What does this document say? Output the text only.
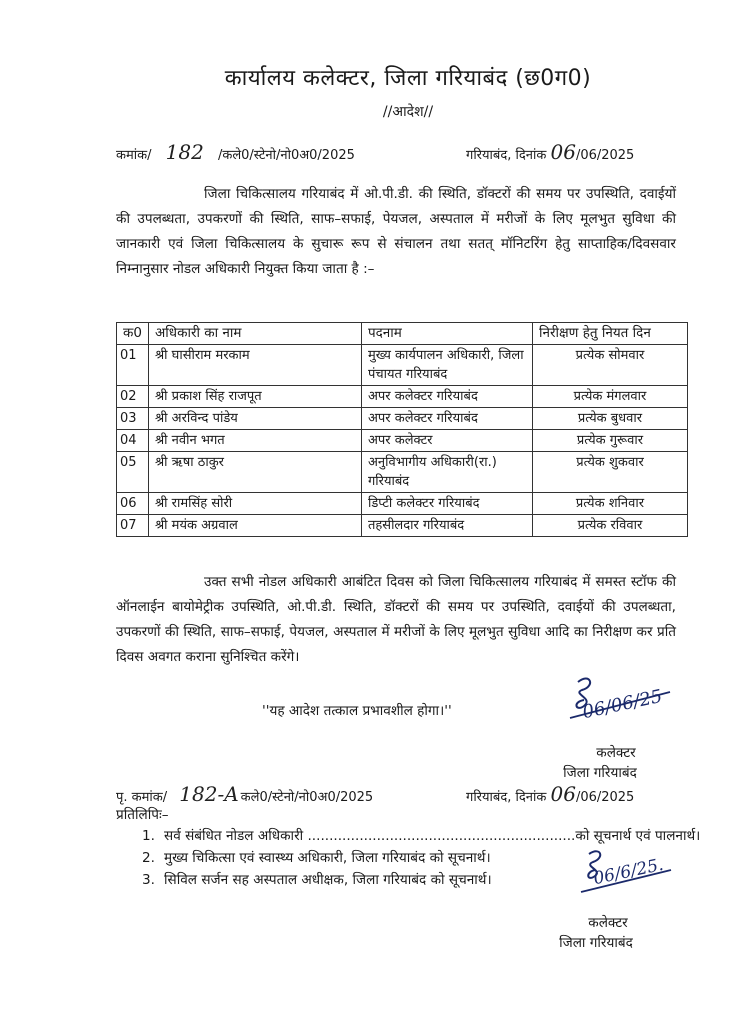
कार्यालय कलेक्टर, जिला गरियाबंद (छ0ग0)
//आदेश//
कमांक/ 182 /कले0/स्टेनो/नो0अ0/2025	गरियाबंद, दिनांक 06/06/2025
जिला चिकित्सालय गरियाबंद में ओ.पी.डी. की स्थिति, डॉक्टरों की समय पर उपस्थिति, दवाईयों की उपलब्धता, उपकरणों की स्थिति, साफ–सफाई, पेयजल, अस्पताल में मरीजों के लिए मूलभुत सुविधा की जानकारी एवं जिला चिकित्सालय के सुचारू रूप से संचालन तथा सतत् मॉनिटरिंग हेतु साप्ताहिक/दिवसवार निम्नानुसार नोडल अधिकारी नियुक्त किया जाता है :–
क0	अधिकारी का नाम	पदनाम	निरीक्षण हेतु नियत दिन
01	श्री घासीराम मरकाम	मुख्य कार्यपालन अधिकारी, जिला पंचायत गरियाबंद	प्रत्येक सोमवार
02	श्री प्रकाश सिंह राजपूत	अपर कलेक्टर गरियाबंद	प्रत्येक मंगलवार
03	श्री अरविन्द पांडेय	अपर कलेक्टर गरियाबंद	प्रत्येक बुधवार
04	श्री नवीन भगत	अपर कलेक्टर	प्रत्येक गुरूवार
05	श्री ऋषा ठाकुर	अनुविभागीय अधिकारी(रा.) गरियाबंद	प्रत्येक शुकवार
06	श्री रामसिंह सोरी	डिप्टी कलेक्टर गरियाबंद	प्रत्येक शनिवार
07	श्री मयंक अग्रवाल	तहसीलदार गरियाबंद	प्रत्येक रविवार
उक्त सभी नोडल अधिकारी आबंटित दिवस को जिला चिकित्सालय गरियाबंद में समस्त स्टॉफ की ऑनलाईन बायोमेट्रीक उपस्थिति, ओ.पी.डी. स्थिति, डॉक्टरों की समय पर उपस्थिति, दवाईयों की उपलब्धता, उपकरणों की स्थिति, साफ–सफाई, पेयजल, अस्पताल में मरीजों के लिए मूलभुत सुविधा आदि का निरीक्षण कर प्रति दिवस अवगत कराना सुनिश्चित करेंगे।
''यह आदेश तत्काल प्रभावशील होगा।''	06/06/25
कलेक्टर
जिला गरियाबंद
पृ. कमांक/ 182-A कले0/स्टेनो/नो0अ0/2025	गरियाबंद, दिनांक 06/06/2025
प्रतिलिपिः–
1. सर्व संबंधित नोडल अधिकारी ..............................................................को सूचनार्थ एवं पालनार्थ।
2. मुख्य चिकित्सा एवं स्वास्थ्य अधिकारी, जिला गरियाबंद को सूचनार्थ।
3. सिविल सर्जन सह अस्पताल अधीक्षक, जिला गरियाबंद को सूचनार्थ।	06/6/25.
कलेक्टर
जिला गरियाबंद
